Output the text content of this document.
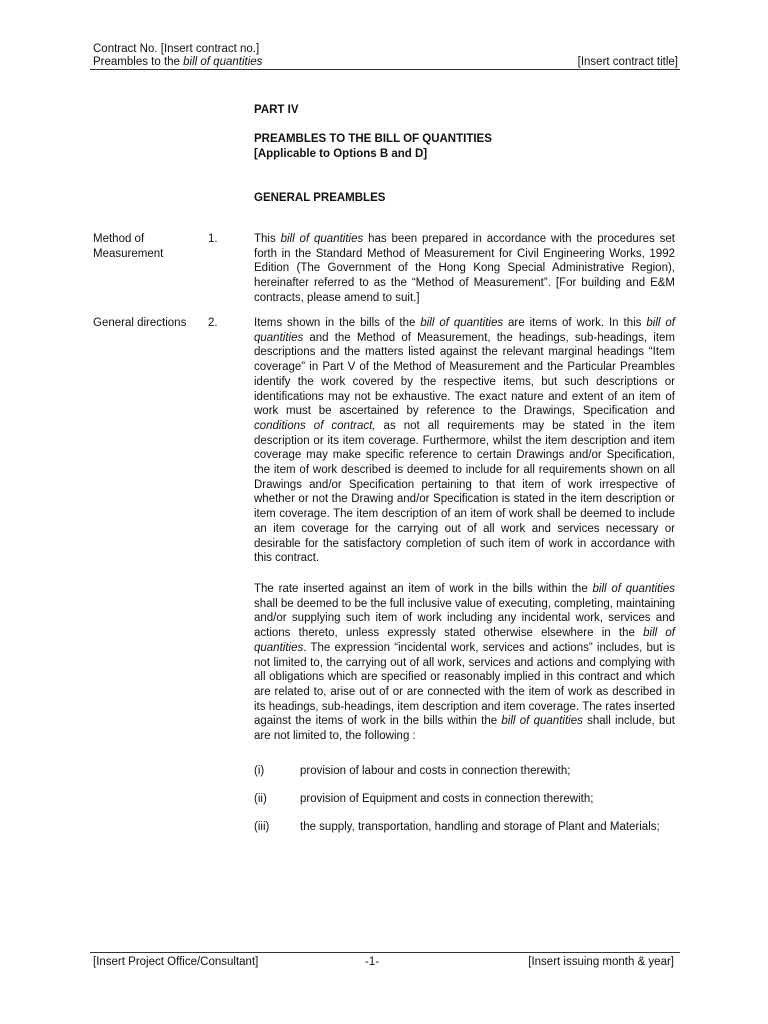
Contract No. [Insert contract no.]
Preambles to the bill of quantities	[Insert contract title]
PART IV
PREAMBLES TO THE BILL OF QUANTITIES
[Applicable to Options B and D]
GENERAL PREAMBLES
Method of
Measurement
1.	This bill of quantities has been prepared in accordance with the procedures set forth in the Standard Method of Measurement for Civil Engineering Works, 1992 Edition (The Government of the Hong Kong Special Administrative Region), hereinafter referred to as the “Method of Measurement”. [For building and E&M contracts, please amend to suit.]
General directions	2.	Items shown in the bills of the bill of quantities are items of work. In this bill of quantities and the Method of Measurement, the headings, sub-headings, item descriptions and the matters listed against the relevant marginal headings “Item coverage” in Part V of the Method of Measurement and the Particular Preambles identify the work covered by the respective items, but such descriptions or identifications may not be exhaustive. The exact nature and extent of an item of work must be ascertained by reference to the Drawings, Specification and conditions of contract, as not all requirements may be stated in the item description or its item coverage. Furthermore, whilst the item description and item coverage may make specific reference to certain Drawings and/or Specification, the item of work described is deemed to include for all requirements shown on all Drawings and/or Specification pertaining to that item of work irrespective of whether or not the Drawing and/or Specification is stated in the item description or item coverage. The item description of an item of work shall be deemed to include an item coverage for the carrying out of all work and services necessary or desirable for the satisfactory completion of such item of work in accordance with this contract.
The rate inserted against an item of work in the bills within the bill of quantities shall be deemed to be the full inclusive value of executing, completing, maintaining and/or supplying such item of work including any incidental work, services and actions thereto, unless expressly stated otherwise elsewhere in the bill of quantities. The expression “incidental work, services and actions” includes, but is not limited to, the carrying out of all work, services and actions and complying with all obligations which are specified or reasonably implied in this contract and which are related to, arise out of or are connected with the item of work as described in its headings, sub-headings, item description and item coverage. The rates inserted against the items of work in the bills within the bill of quantities shall include, but are not limited to, the following :
(i)	provision of labour and costs in connection therewith;
(ii)	provision of Equipment and costs in connection therewith;
(iii)	the supply, transportation, handling and storage of Plant and Materials;
[Insert Project Office/Consultant]	-1-	[Insert issuing month & year]
